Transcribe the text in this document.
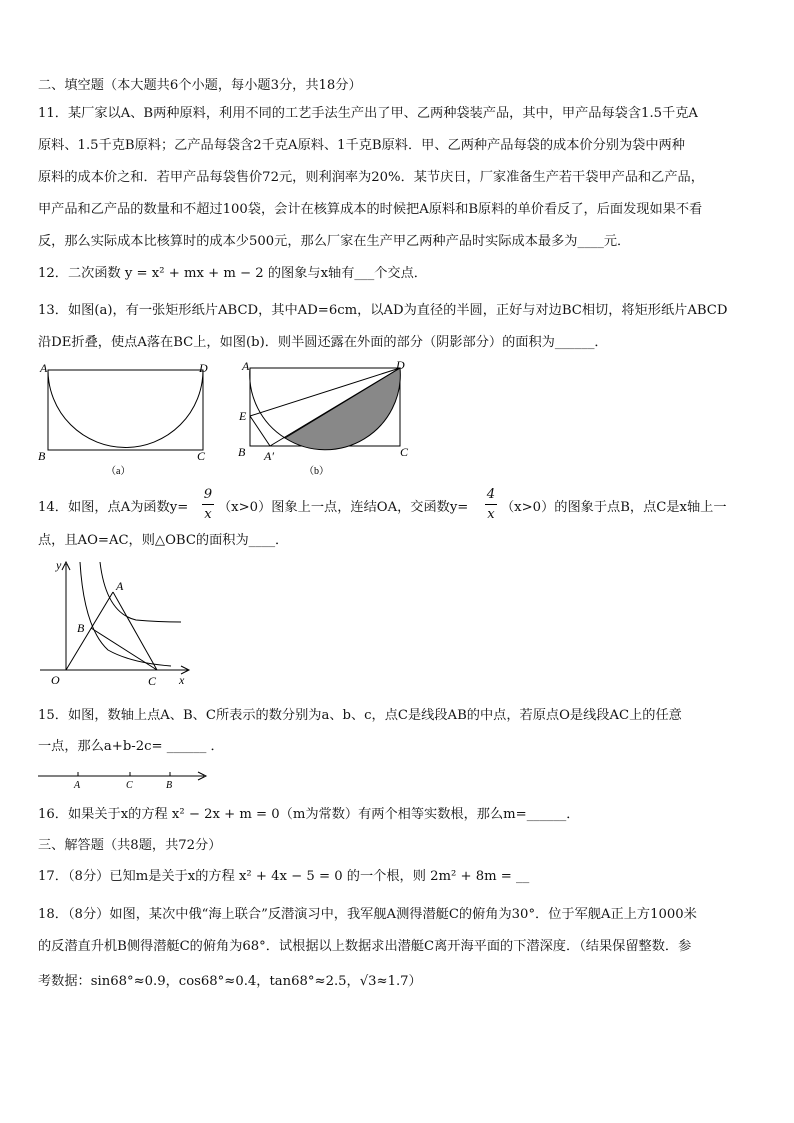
二、填空题（本大题共6个小题，每小题3分，共18分）
11．某厂家以A、B两种原料，利用不同的工艺手法生产出了甲、乙两种袋装产品，其中，甲产品每袋含1.5千克A
原料、1.5千克B原料；乙产品每袋含2千克A原料、1千克B原料．甲、乙两种产品每袋的成本价分别为袋中两种
原料的成本价之和．若甲产品每袋售价72元，则利润率为20%．某节庆日，厂家准备生产若干袋甲产品和乙产品，
甲产品和乙产品的数量和不超过100袋，会计在核算成本的时候把A原料和B原料的单价看反了，后面发现如果不看
反，那么实际成本比核算时的成本少500元，那么厂家在生产甲乙两种产品时实际成本最多为____元．
12．二次函数 y = x² + mx + m − 2 的图象与x轴有___个交点．
13．如图(a)，有一张矩形纸片ABCD，其中AD=6cm，以AD为直径的半圆，正好与对边BC相切，将矩形纸片ABCD
沿DE折叠，使点A落在BC上，如图(b)．则半圆还露在外面的部分（阴影部分）的面积为______．
A	D
B	C
（a）
A	D
E
B A′	C
（b）
14．如图，点A为函数$y= \frac{9}{x} (x>0)$图象上一点，连结OA，交函数$y= \frac{4}{x} (x>0)$的图象于点B，点C是x轴上一
点，且AO=AC，则△OBC的面积为____．
y
x
O
A
B
C
15．如图，数轴上点A、B、C所表示的数分别为a、b、c，点C是线段AB的中点，若原点O是线段AC上的任意
一点，那么a+b-2c= ______ ．
A	C	B
16．如果关于x的方程 x² − 2x + m = 0（m为常数）有两个相等实数根，那么m=______．
三、解答题（共8题，共72分）
17．（8分）已知m是关于x的方程 x² + 4x − 5 = 0 的一个根，则 2m² + 8m = __
18．（8分）如图，某次中俄“海上联合”反潜演习中，我军舰A测得潜艇C的俯角为30°．位于军舰A正上方1000米
的反潜直升机B侧得潜艇C的俯角为68°．试根据以上数据求出潜艇C离开海平面的下潜深度．（结果保留整数．参
考数据：sin68°≈0.9，cos68°≈0.4，tan68°≈2.5，√3≈1.7）
